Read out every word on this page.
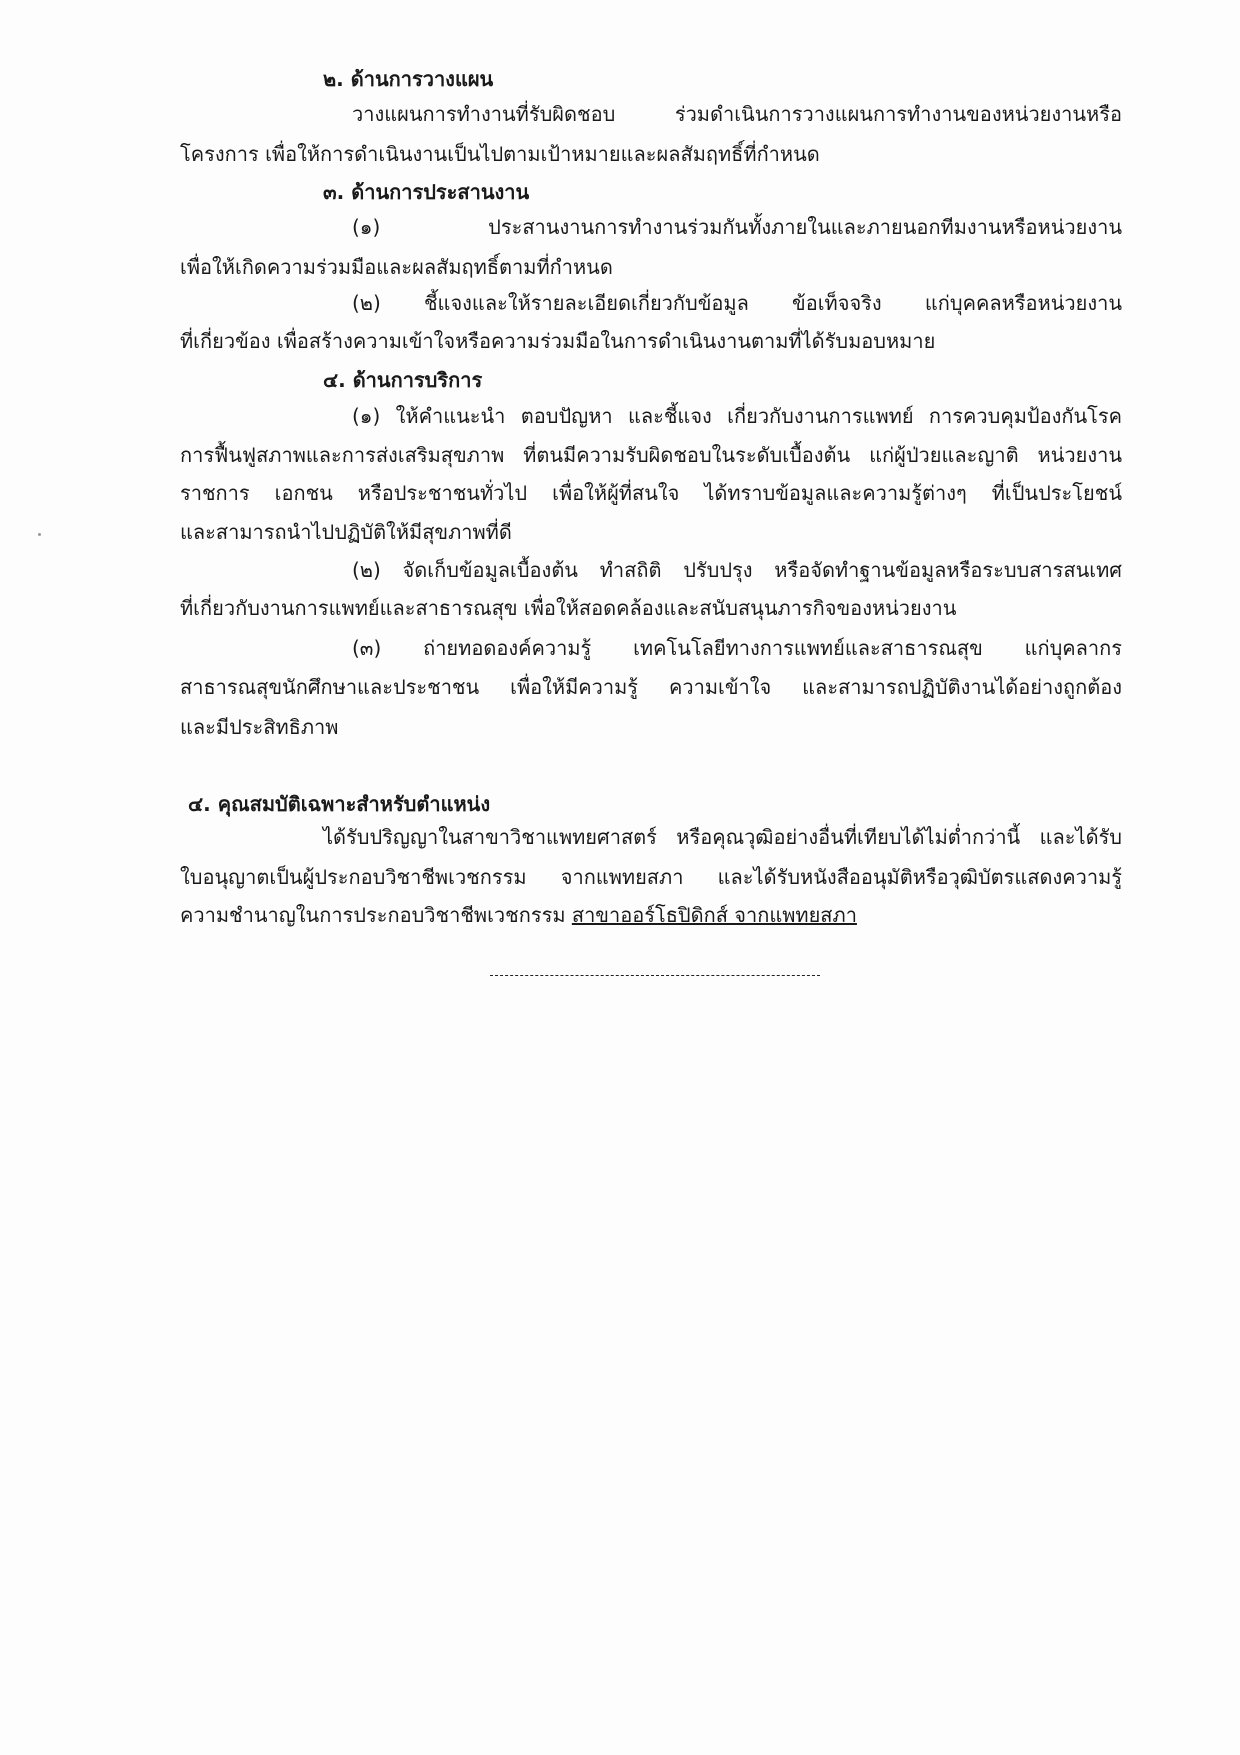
๒. ด้านการวางแผน
วางแผนการทำงานที่รับผิดชอบ ร่วมดำเนินการวางแผนการทำงานของหน่วยงานหรือ
โครงการ เพื่อให้การดำเนินงานเป็นไปตามเป้าหมายและผลสัมฤทธิ์ที่กำหนด
๓. ด้านการประสานงาน
(๑) ประสานงานการทำงานร่วมกันทั้งภายในและภายนอกทีมงานหรือหน่วยงาน
เพื่อให้เกิดความร่วมมือและผลสัมฤทธิ์ตามที่กำหนด
(๒) ชี้แจงและให้รายละเอียดเกี่ยวกับข้อมูล ข้อเท็จจริง แก่บุคคลหรือหน่วยงาน
ที่เกี่ยวข้อง เพื่อสร้างความเข้าใจหรือความร่วมมือในการดำเนินงานตามที่ได้รับมอบหมาย
๔. ด้านการบริการ
(๑) ให้คำแนะนำ ตอบปัญหา และชี้แจง เกี่ยวกับงานการแพทย์ การควบคุมป้องกันโรค
การฟื้นฟูสภาพและการส่งเสริมสุขภาพ ที่ตนมีความรับผิดชอบในระดับเบื้องต้น แก่ผู้ป่วยและญาติ หน่วยงาน
ราชการ เอกชน หรือประชาชนทั่วไป เพื่อให้ผู้ที่สนใจ ได้ทราบข้อมูลและความรู้ต่างๆ ที่เป็นประโยชน์
และสามารถนำไปปฏิบัติให้มีสุขภาพที่ดี
(๒) จัดเก็บข้อมูลเบื้องต้น ทำสถิติ ปรับปรุง หรือจัดทำฐานข้อมูลหรือระบบสารสนเทศ
ที่เกี่ยวกับงานการแพทย์และสาธารณสุข เพื่อให้สอดคล้องและสนับสนุนภารกิจของหน่วยงาน
(๓) ถ่ายทอดองค์ความรู้ เทคโนโลยีทางการแพทย์และสาธารณสุข แก่บุคลากร
สาธารณสุขนักศึกษาและประชาชน เพื่อให้มีความรู้ ความเข้าใจ และสามารถปฏิบัติงานได้อย่างถูกต้อง
และมีประสิทธิภาพ
๔. คุณสมบัติเฉพาะสำหรับตำแหน่ง
ได้รับปริญญาในสาขาวิชาแพทยศาสตร์ หรือคุณวุฒิอย่างอื่นที่เทียบได้ไม่ต่ำกว่านี้ และได้รับ
ใบอนุญาตเป็นผู้ประกอบวิชาชีพเวชกรรม จากแพทยสภา และได้รับหนังสืออนุมัติหรือวุฒิบัตรแสดงความรู้
ความชำนาญในการประกอบวิชาชีพเวชกรรม สาขาออร์โธปิดิกส์ จากแพทยสภา
